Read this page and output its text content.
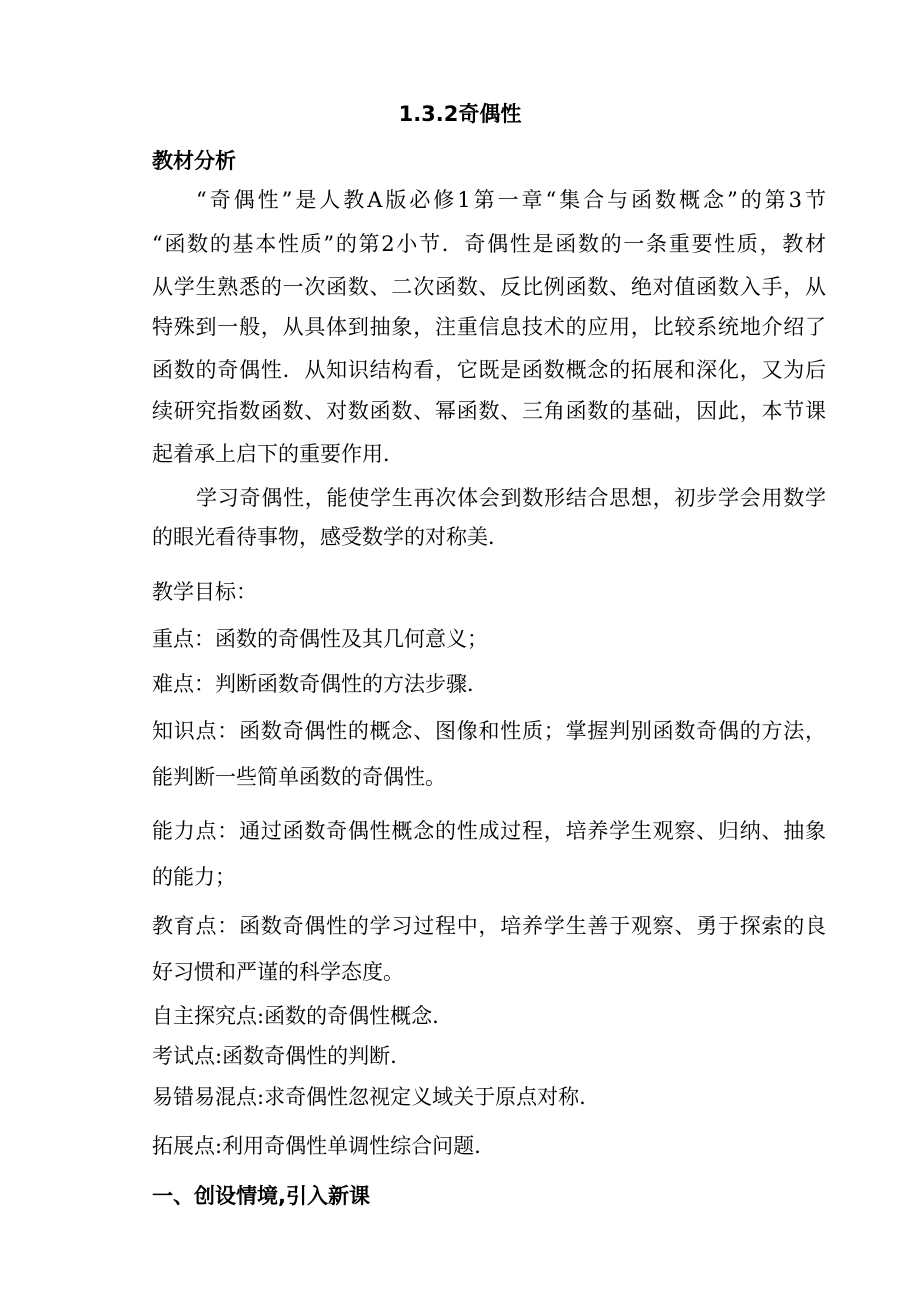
1.3.2奇偶性
教材分析
“奇偶性”是人教A版必修1第一章“集合与函数概念”的第3节
“函数的基本性质”的第2小节．奇偶性是函数的一条重要性质，教材
从学生熟悉的一次函数、二次函数、反比例函数、绝对值函数入手，从
特殊到一般，从具体到抽象，注重信息技术的应用，比较系统地介绍了
函数的奇偶性．从知识结构看，它既是函数概念的拓展和深化，又为后
续研究指数函数、对数函数、幂函数、三角函数的基础，因此，本节课
起着承上启下的重要作用．
学习奇偶性，能使学生再次体会到数形结合思想，初步学会用数学
的眼光看待事物，感受数学的对称美．
教学目标：
重点：函数的奇偶性及其几何意义；
难点：判断函数奇偶性的方法步骤．
知识点：函数奇偶性的概念、图像和性质；掌握判别函数奇偶的方法，
能判断一些简单函数的奇偶性。
能力点：通过函数奇偶性概念的性成过程，培养学生观察、归纳、抽象
的能力；
教育点：函数奇偶性的学习过程中，培养学生善于观察、勇于探索的良
好习惯和严谨的科学态度。
自主探究点:函数的奇偶性概念.
考试点:函数奇偶性的判断.
易错易混点:求奇偶性忽视定义域关于原点对称.
拓展点:利用奇偶性单调性综合问题.
一、创设情境,引入新课
